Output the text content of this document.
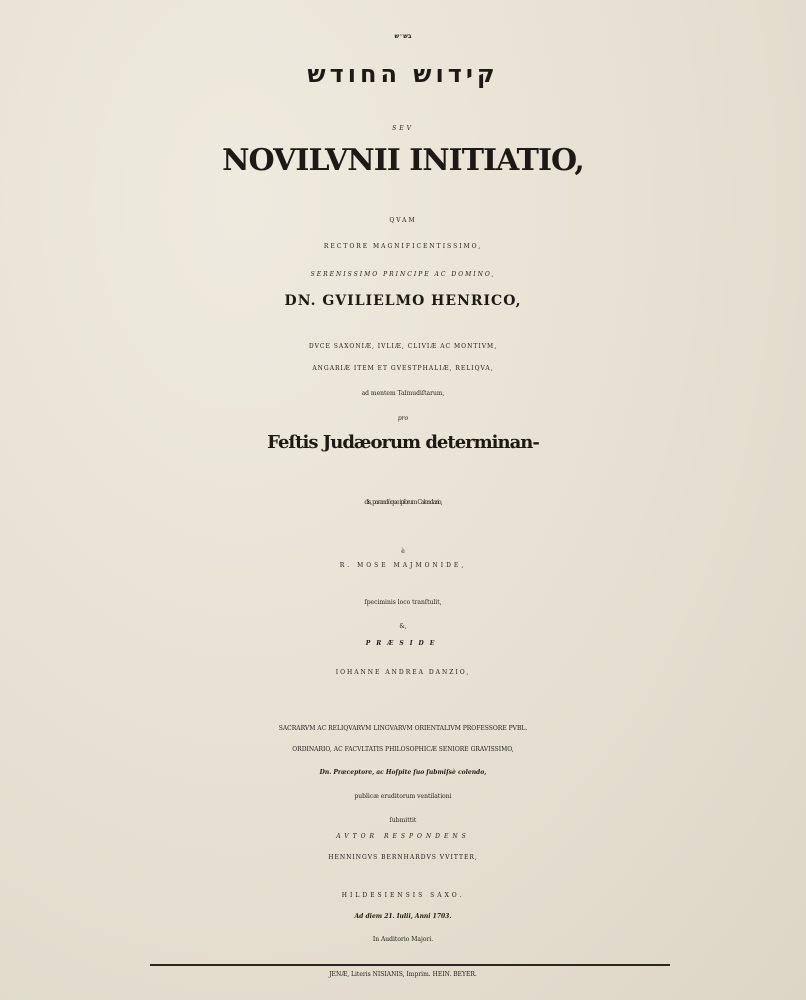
בש״ש
קידוש החודש
SEV
NOVILVNII INITIATIO,
QVAM
RECTORE MAGNIFICENTISSIMO,
SERENISSIMO PRINCIPE AC DOMINO,
DN. GVILIELMO HENRICO,
DVCE SAXONIÆ, IVLIÆ, CLIVIÆ AC MONTIVM,
ANGARIÆ ITEM ET GVESTPHALIÆ, RELIQVA,
ad mentem Talmudiſtarum,
pro
Feſtis Judæorum determinan-
dis, parandôque ipſorum Calendario,
è
R. MOSE MAJMONIDE,
ſpeciminis loco tranſtulit,
&,
PRÆSIDE
IOHANNE ANDREA DANZIO,
SACRARVM AC RELIQVARVM LINGVARVM ORIENTALIVM PROFESSORE PVBL.
ORDINARIO, AC FACVLTATIS PHILOSOPHICÆ SENIORE GRAVISSIMO,
Dn. Præceptore, ac Hoſpite ſuo ſubmiſsè colendo,
publicæ eruditorum ventilationi
ſubmittit
AVTOR RESPONDENS
HENNINGVS BERNHARDVS VVITTER,
HILDESIENSIS SAXO.
Ad diem 21. Iulii, Anni 1703.
In Auditorio Majori.
JENÆ, Literis NISIANIS, Imprim. HEIN. BEYER.
